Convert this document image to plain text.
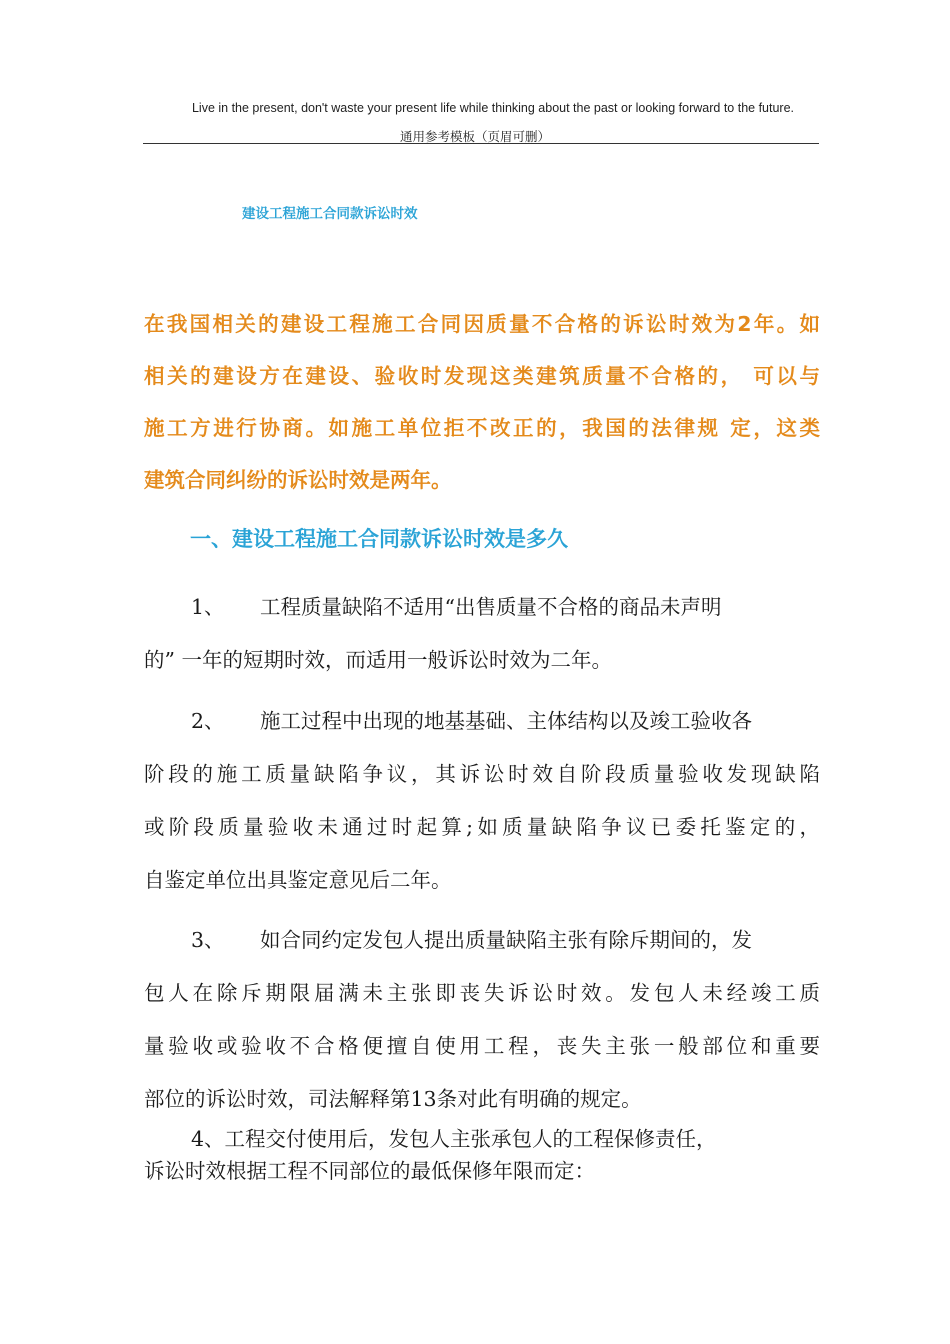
Live in the present, don't waste your present life while thinking about the past or looking forward to the future.
通用参考模板（页眉可删）
建设工程施工合同款诉讼时效
在我国相关的建设工程施工合同因质量不合格的诉讼时效为2年。如
相关的建设方在建设、验收时发现这类建筑质量不合格的， 可以与
施工方进行协商。如施工单位拒不改正的，我国的法律规 定，这类
建筑合同纠纷的诉讼时效是两年。
一、建设工程施工合同款诉讼时效是多久
1、 工程质量缺陷不适用“出售质量不合格的商品未声明
的” 一年的短期时效，而适用一般诉讼时效为二年。
2、 施工过程中出现的地基基础、主体结构以及竣工验收各
阶段的施工质量缺陷争议，其诉讼时效自阶段质量验收发现缺陷
或阶段质量验收未通过时起算;如质量缺陷争议已委托鉴定的，
自鉴定单位出具鉴定意见后二年。
3、 如合同约定发包人提出质量缺陷主张有除斥期间的，发
包人在除斥期限届满未主张即丧失诉讼时效。发包人未经竣工质
量验收或验收不合格便擅自使用工程，丧失主张一般部位和重要
部位的诉讼时效，司法解释第13条对此有明确的规定。
4、工程交付使用后，发包人主张承包人的工程保修责任，
诉讼时效根据工程不同部位的最低保修年限而定：
